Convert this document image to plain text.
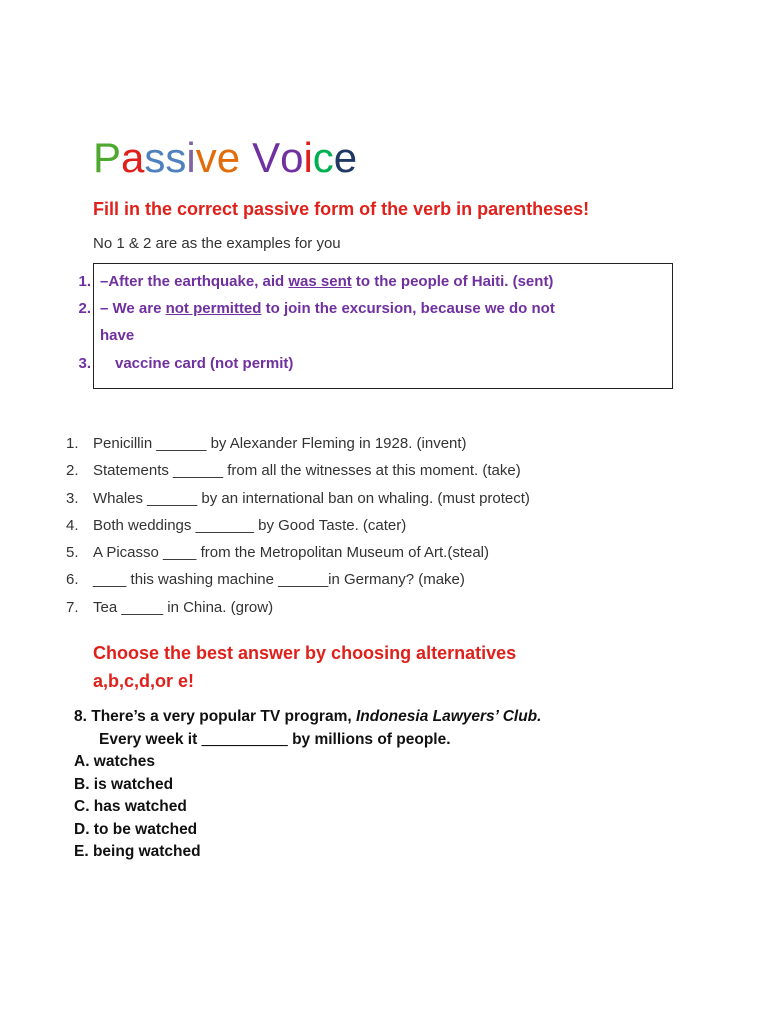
Passive Voice
Fill in the correct passive form of the verb in parentheses!
No 1 & 2 are as the examples for you
1. –After the earthquake, aid was sent to the people of Haiti. (sent)
2. – We are not permitted to join the excursion, because we do not
have
3. vaccine card (not permit)
1. Penicillin ______ by Alexander Fleming in 1928. (invent)
2. Statements ______ from all the witnesses at this moment. (take)
3. Whales ______ by an international ban on whaling. (must protect)
4. Both weddings _______ by Good Taste. (cater)
5. A Picasso ____ from the Metropolitan Museum of Art.(steal)
6. ____ this washing machine ______in Germany? (make)
7. Tea _____ in China. (grow)
Choose the best answer by choosing alternatives
a,b,c,d,or e!
8. There’s a very popular TV program, Indonesia Lawyers’ Club.
Every week it __________ by millions of people.
A. watches
B. is watched
C. has watched
D. to be watched
E. being watched
